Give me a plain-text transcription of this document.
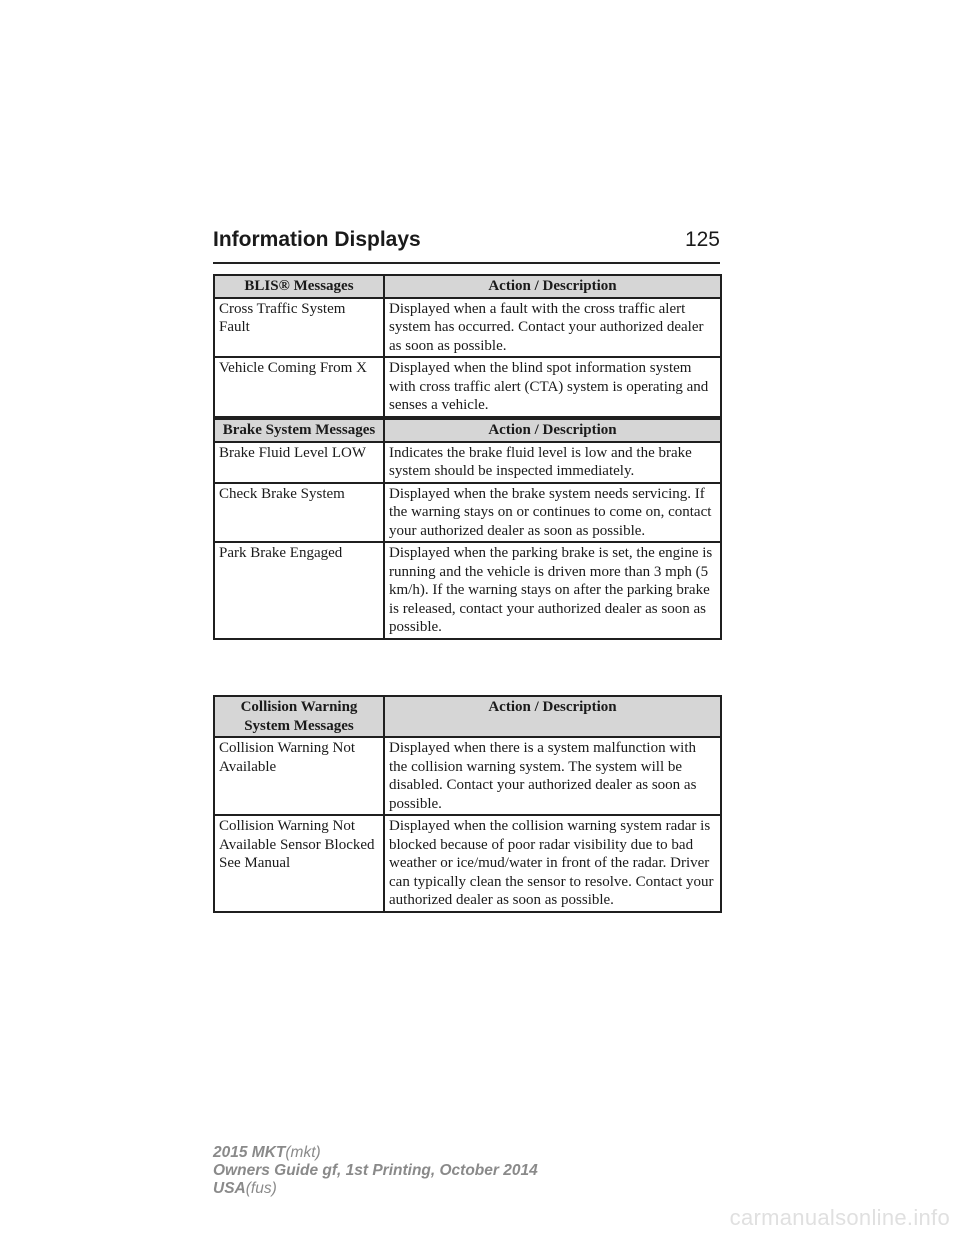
Information Displays	125
BLIS® Messages	Action / Description
Cross Traffic System Fault	Displayed when a fault with the cross traffic alert system has occurred. Contact your authorized dealer as soon as possible.
Vehicle Coming From X	Displayed when the blind spot information system with cross traffic alert (CTA) system is operating and senses a vehicle.
Brake System Messages	Action / Description
Brake Fluid Level LOW	Indicates the brake fluid level is low and the brake system should be inspected immediately.
Check Brake System	Displayed when the brake system needs servicing. If the warning stays on or continues to come on, contact your authorized dealer as soon as possible.
Park Brake Engaged	Displayed when the parking brake is set, the engine is running and the vehicle is driven more than 3 mph (5 km/h). If the warning stays on after the parking brake is released, contact your authorized dealer as soon as possible.
Collision Warning System Messages	Action / Description
Collision Warning Not Available	Displayed when there is a system malfunction with the collision warning system. The system will be disabled. Contact your authorized dealer as soon as possible.
Collision Warning Not Available Sensor Blocked See Manual	Displayed when the collision warning system radar is blocked because of poor radar visibility due to bad weather or ice/mud/water in front of the radar. Driver can typically clean the sensor to resolve. Contact your authorized dealer as soon as possible.
2015 MKT(mkt)
Owners Guide gf, 1st Printing, October 2014
USA(fus)
carmanualsonline.info
